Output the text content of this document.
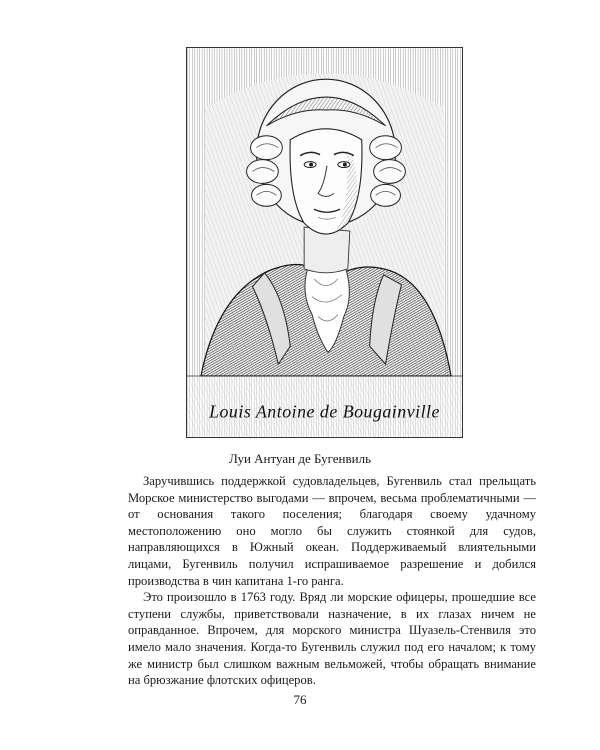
Louis Antoine de Bougainville
Луи Антуан де Бугенвиль

Заручившись поддержкой судовладельцев, Бугенвиль стал прельщать Морское министерство выгодами — впрочем, весьма проблематичными — от основания такого поселения; благодаря своему удачному местоположению оно могло бы служить стоянкой для судов, направляющихся в Южный океан. Поддерживаемый влиятельными лицами, Бугенвиль получил испрашиваемое разрешение и добился производства в чин капитана 1-го ранга.

Это произошло в 1763 году. Вряд ли морские офицеры, прошедшие все ступени службы, приветствовали назначение, в их глазах ничем не оправданное. Впрочем, для морского министра Шуазель-Стенвиля это имело мало значения. Когда-то Бугенвиль служил под его началом; к тому же министр был слишком важным вельможей, чтобы обращать внимание на брюзжание флотских офицеров.

76
